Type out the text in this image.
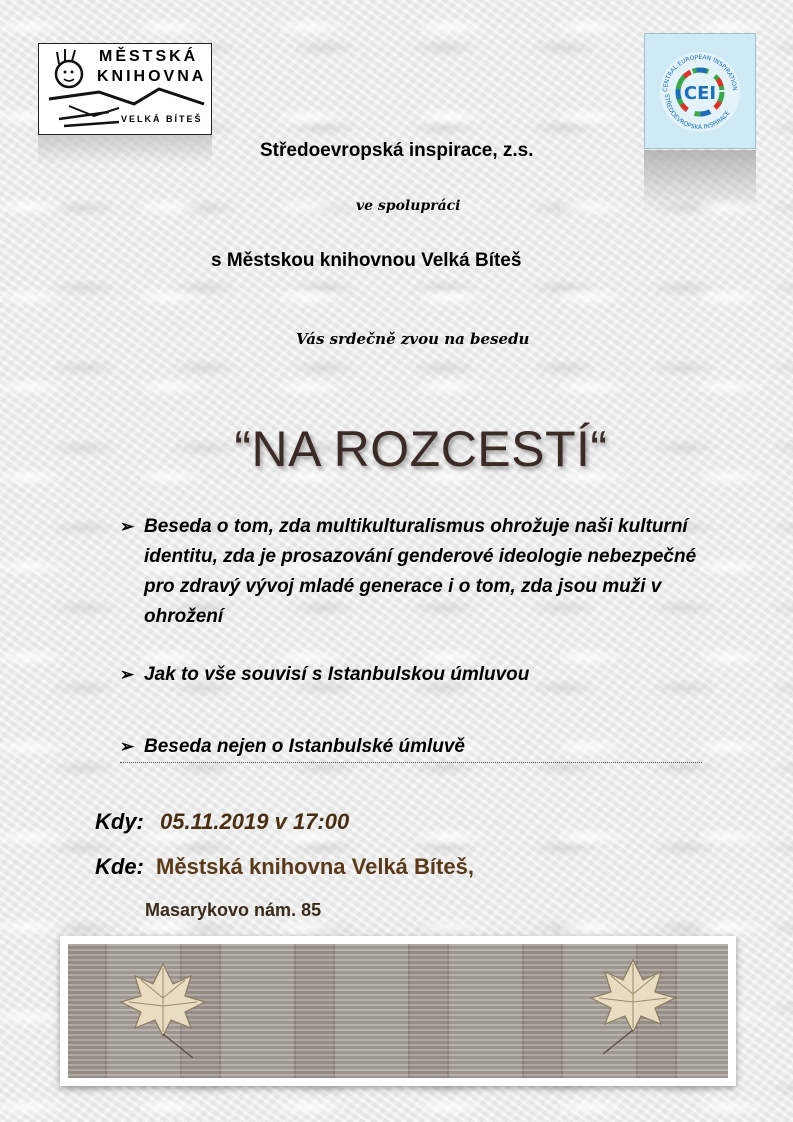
MĚSTSKÁ
KNIHOVNA
VELKÁ BÍTEŠ
CENTRAL EUROPEAN INSPIRATION
STŘEDOEVROPSKÁ INSPIRACE
CEI
Středoevropská inspirace, z.s.
ve spolupráci
s Městskou knihovnou Velká Bíteš
Vás srdečně zvou na besedu
“NA ROZCESTÍ“
➢ Beseda o tom, zda multikulturalismus ohrožuje naši kulturní identitu, zda je prosazování genderové ideologie nebezpečné pro zdravý vývoj mladé generace i o tom, zda jsou muži v ohrožení
➢ Jak to vše souvisí s Istanbulskou úmluvou
➢ Beseda nejen o Istanbulské úmluvě
Kdy: 05.11.2019 v 17:00
Kde: Městská knihovna Velká Bíteš,
Masarykovo nám. 85
